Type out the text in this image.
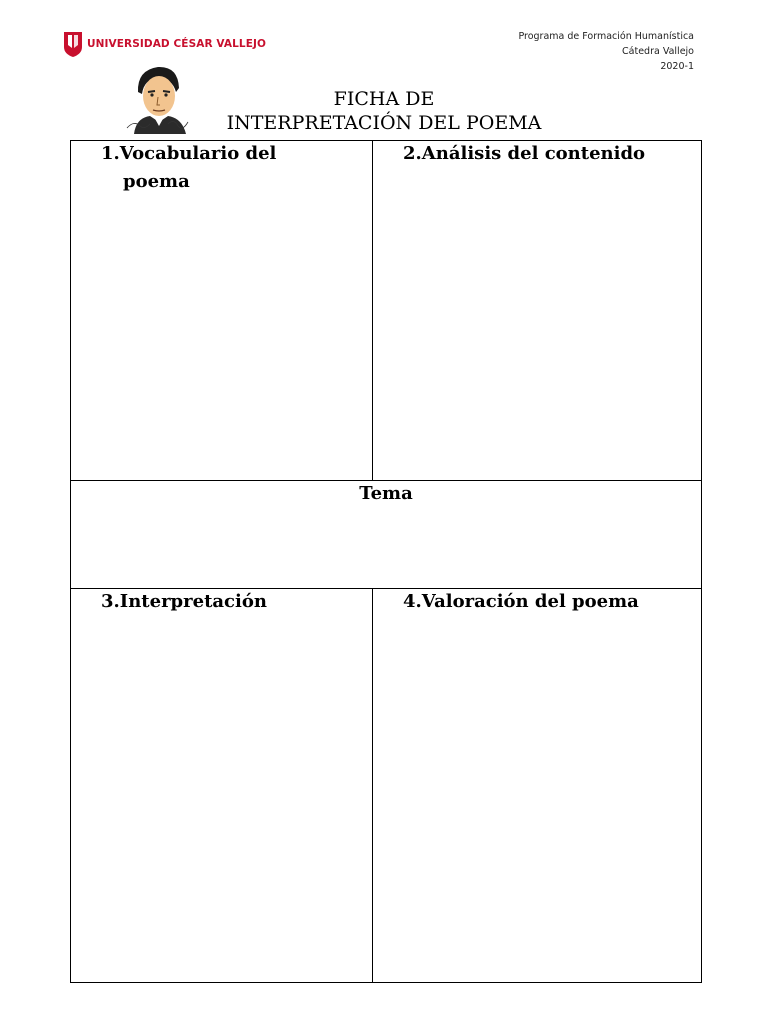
UNIVERSIDAD CÉSAR VALLEJO
Programa de Formación Humanística
Cátedra Vallejo
2020-1
FICHA DE
INTERPRETACIÓN DEL POEMA
1.Vocabulario del
poema
2.Análisis del contenido
Tema
3.Interpretación	4.Valoración del poema
